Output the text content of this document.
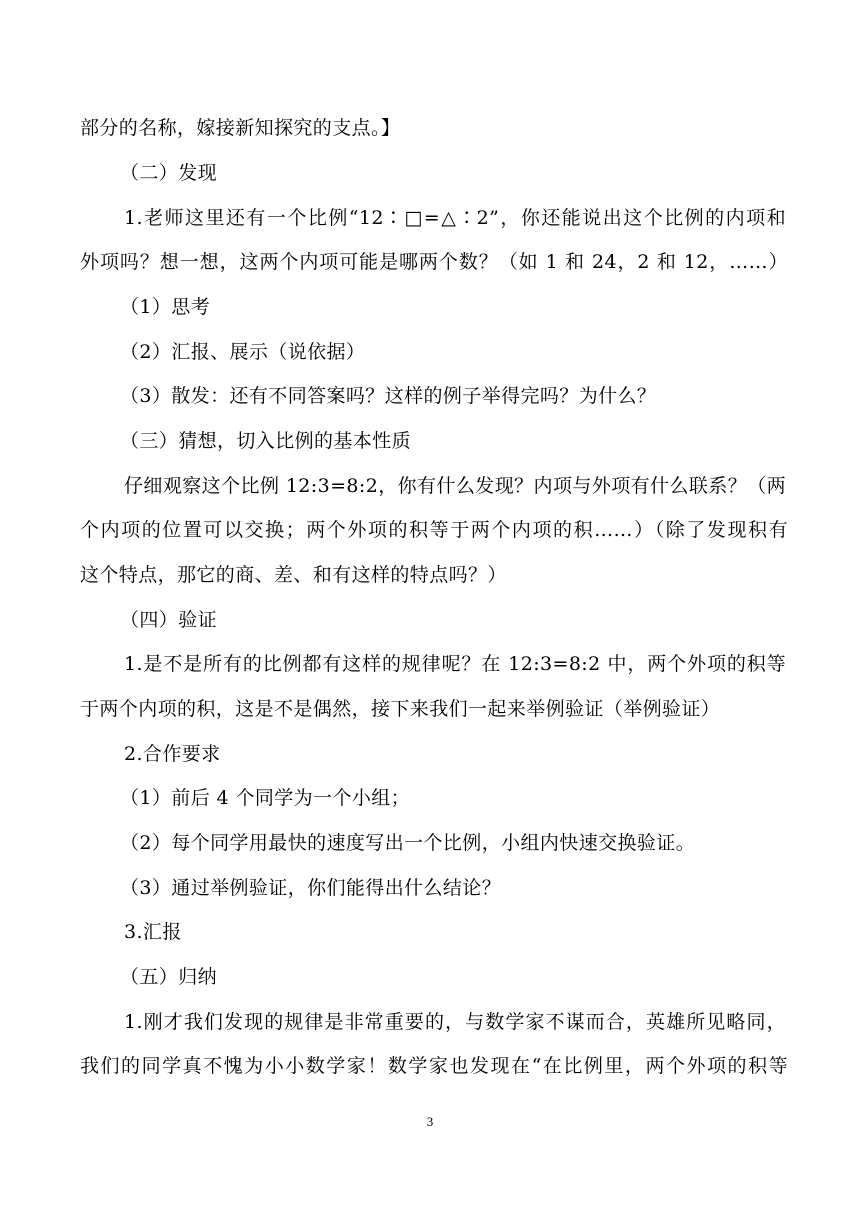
部分的名称，嫁接新知探究的支点。】
（二）发现
1.老师这里还有一个比例“12∶□=△∶2”，你还能说出这个比例的内项和
外项吗？想一想，这两个内项可能是哪两个数？（如 1 和 24，2 和 12，……）
（1）思考
（2）汇报、展示（说依据）
（3）散发：还有不同答案吗？这样的例子举得完吗？为什么？
（三）猜想，切入比例的基本性质
仔细观察这个比例 12:3=8:2，你有什么发现？内项与外项有什么联系？（两
个内项的位置可以交换；两个外项的积等于两个内项的积……）（除了发现积有
这个特点，那它的商、差、和有这样的特点吗？）
（四）验证
1.是不是所有的比例都有这样的规律呢？在 12:3=8:2 中，两个外项的积等
于两个内项的积，这是不是偶然，接下来我们一起来举例验证（举例验证）
2.合作要求
（1）前后 4 个同学为一个小组；
（2）每个同学用最快的速度写出一个比例，小组内快速交换验证。
（3）通过举例验证，你们能得出什么结论？
3.汇报
（五）归纳
1.刚才我们发现的规律是非常重要的，与数学家不谋而合，英雄所见略同，
我们的同学真不愧为小小数学家！数学家也发现在“在比例里，两个外项的积等
3
